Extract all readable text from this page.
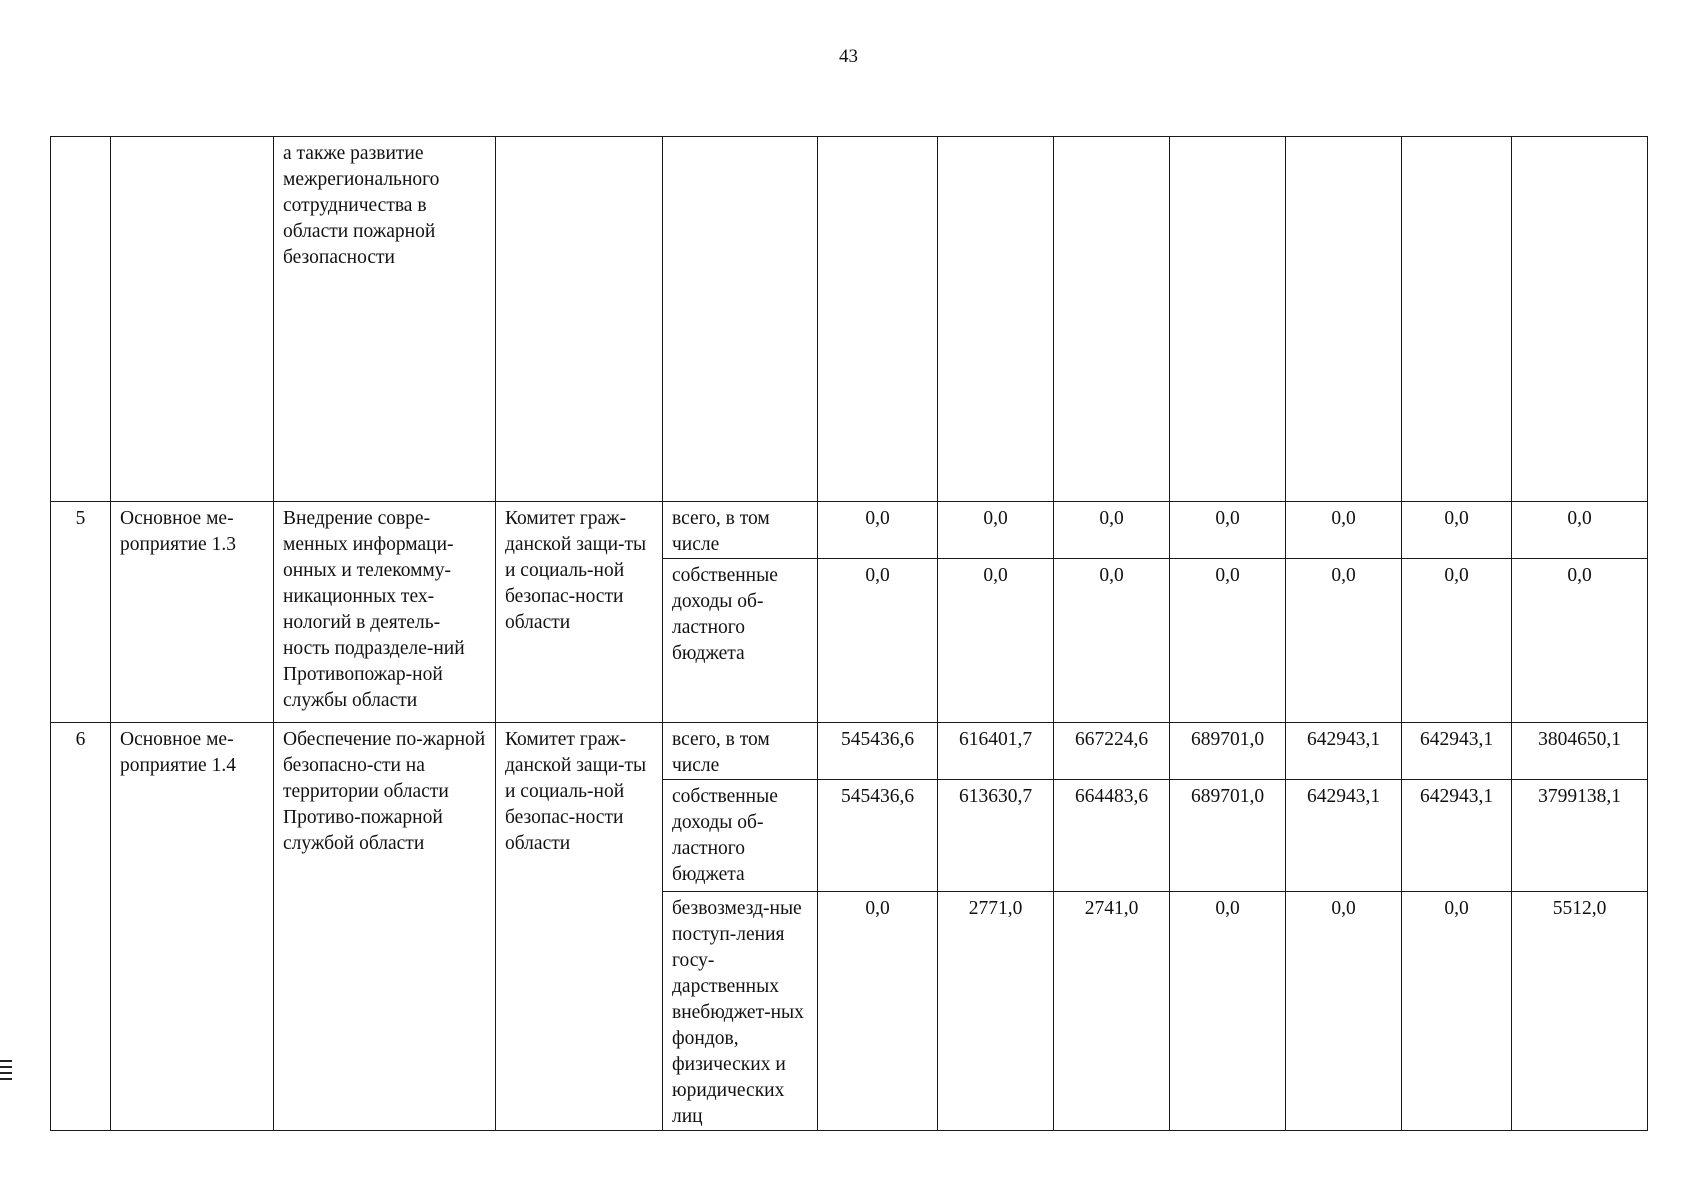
43
		а также развитие межрегионального сотрудничества в области пожарной безопасности									
5	Основное ме-роприятие 1.3	Внедрение совре-менных информаци-онных и телекомму-никационных тех-нологий в деятель-ность подразделе-ний Противопожар-ной службы области	Комитет граж-данской защи-ты и социаль-ной безопас-ности области	всего, в том числе	0,0	0,0	0,0	0,0	0,0	0,0	0,0
				собственные доходы об-ластного бюджета	0,0	0,0	0,0	0,0	0,0	0,0	0,0
6	Основное ме-роприятие 1.4	Обеспечение по-жарной безопасно-сти на территории области Противо-пожарной службой области	Комитет граж-данской защи-ты и социаль-ной безопас-ности области	всего, в том числе	545436,6	616401,7	667224,6	689701,0	642943,1	642943,1	3804650,1
				собственные доходы об-ластного бюджета	545436,6	613630,7	664483,6	689701,0	642943,1	642943,1	3799138,1
				безвозмезд-ные поступ-ления госу-дарственных внебюджет-ных фондов, физических и юридических лиц	0,0	2771,0	2741,0	0,0	0,0	0,0	5512,0
